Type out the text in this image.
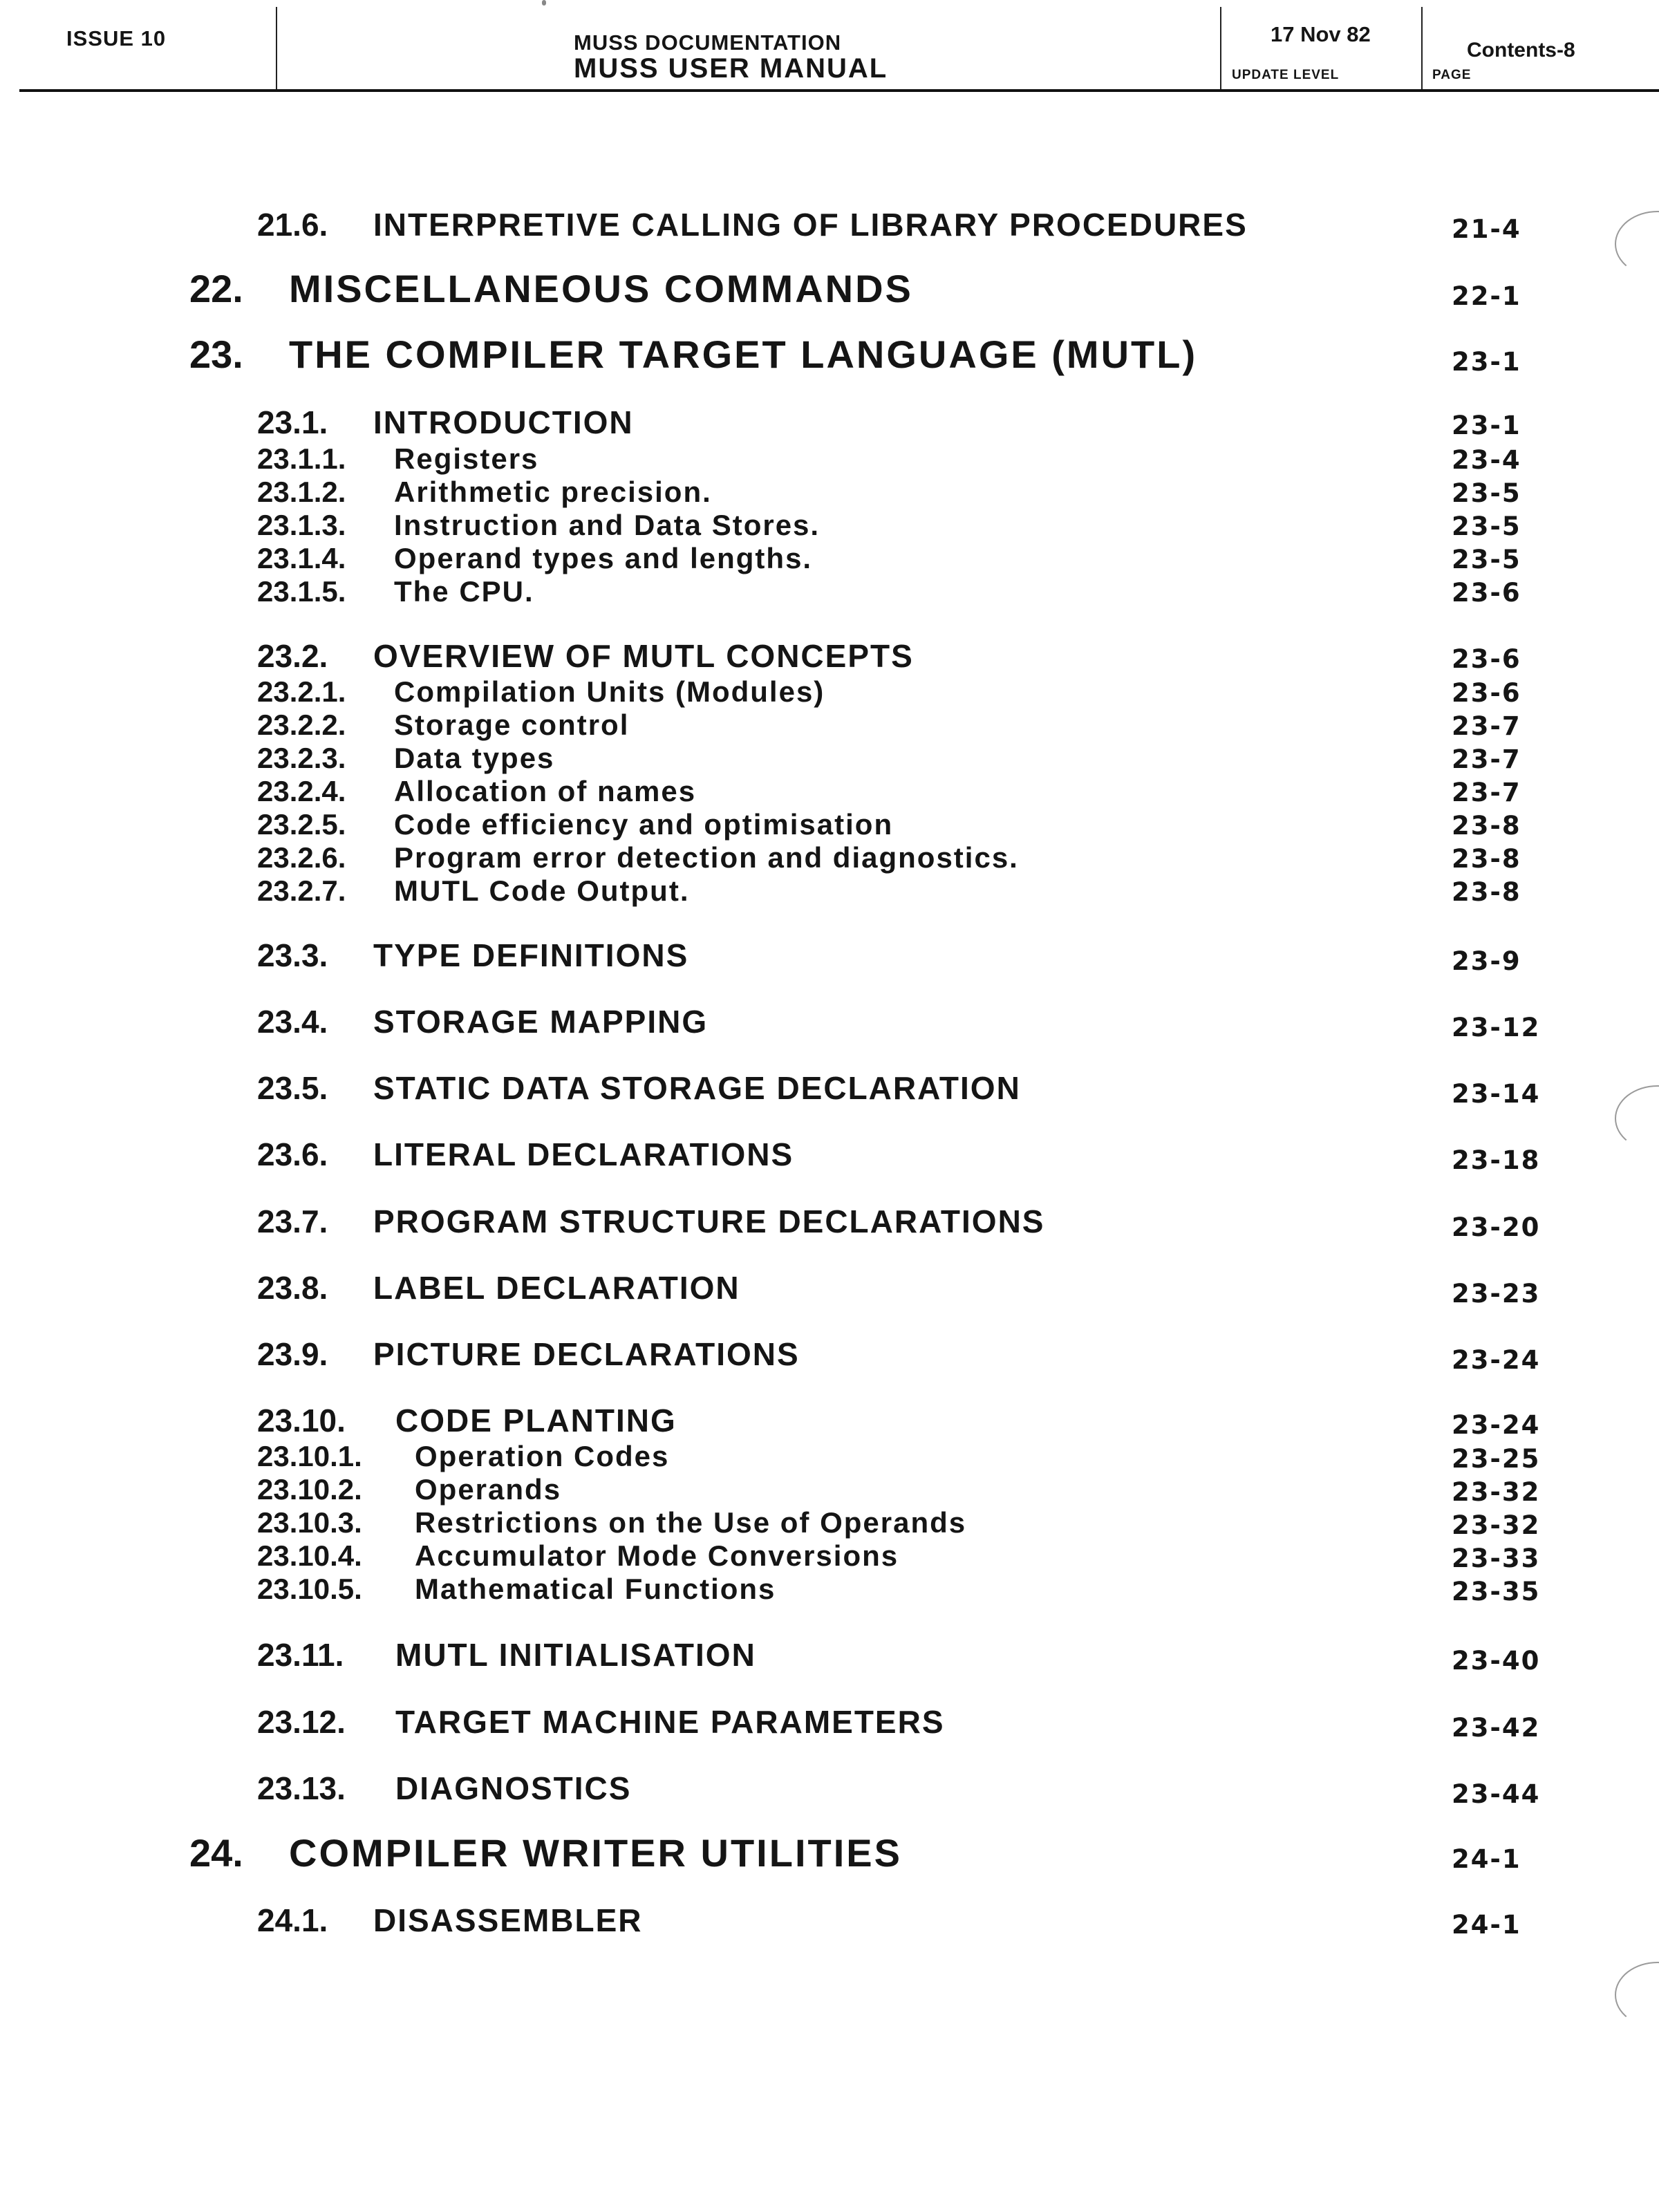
ISSUE 10	MUSS DOCUMENTATION
MUSS USER MANUAL
17 Nov 82
UPDATE LEVEL
Contents-8
PAGE
21.6. INTERPRETIVE CALLING OF LIBRARY PROCEDURES	21-4
22. MISCELLANEOUS COMMANDS	22-1
23. THE COMPILER TARGET LANGUAGE (MUTL)	23-1
23.1. INTRODUCTION	23-1
23.1.1. Registers	23-4
23.1.2. Arithmetic precision.	23-5
23.1.3. Instruction and Data Stores.	23-5
23.1.4. Operand types and lengths.	23-5
23.1.5. The CPU.	23-6
23.2. OVERVIEW OF MUTL CONCEPTS	23-6
23.2.1. Compilation Units (Modules)	23-6
23.2.2. Storage control	23-7
23.2.3. Data types	23-7
23.2.4. Allocation of names	23-7
23.2.5. Code efficiency and optimisation	23-8
23.2.6. Program error detection and diagnostics.	23-8
23.2.7. MUTL Code Output.	23-8
23.3. TYPE DEFINITIONS	23-9
23.4. STORAGE MAPPING	23-12
23.5. STATIC DATA STORAGE DECLARATION	23-14
23.6. LITERAL DECLARATIONS	23-18
23.7. PROGRAM STRUCTURE DECLARATIONS	23-20
23.8. LABEL DECLARATION	23-23
23.9. PICTURE DECLARATIONS	23-24
23.10. CODE PLANTING	23-24
23.10.1. Operation Codes	23-25
23.10.2. Operands	23-32
23.10.3. Restrictions on the Use of Operands	23-32
23.10.4. Accumulator Mode Conversions	23-33
23.10.5. Mathematical Functions	23-35
23.11. MUTL INITIALISATION	23-40
23.12. TARGET MACHINE PARAMETERS	23-42
23.13. DIAGNOSTICS	23-44
24. COMPILER WRITER UTILITIES	24-1
24.1. DISASSEMBLER	24-1
